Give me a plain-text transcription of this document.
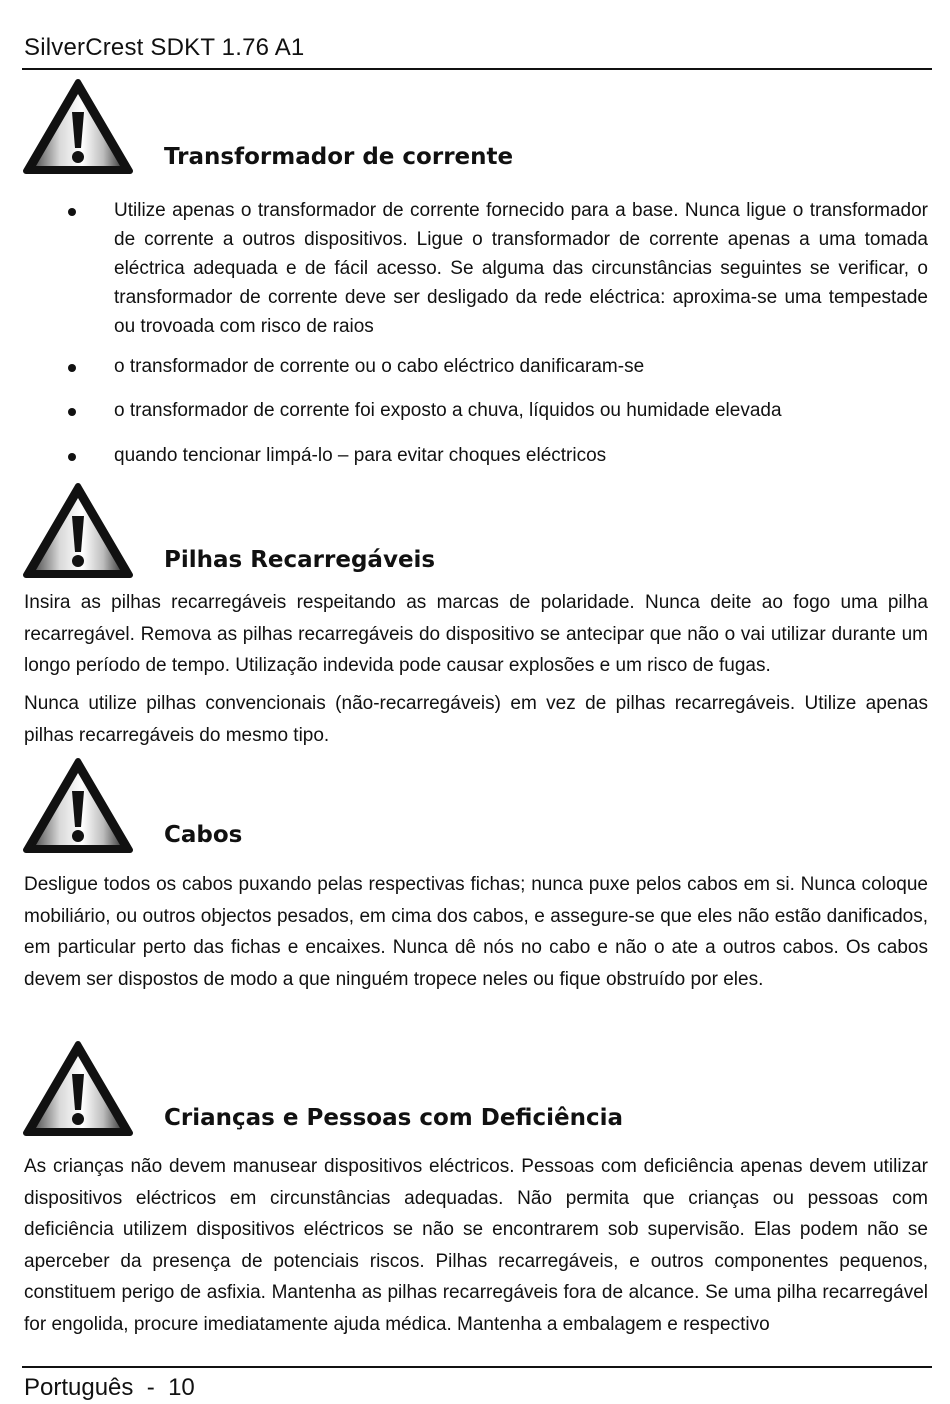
SilverCrest SDKT 1.76 A1
Transformador de corrente
Utilize apenas o transformador de corrente fornecido para a base. Nunca ligue o transformador de corrente a outros dispositivos. Ligue o transformador de corrente apenas a uma tomada eléctrica adequada e de fácil acesso. Se alguma das circunstâncias seguintes se verificar, o transformador de corrente deve ser desligado da rede eléctrica: aproxima-se uma tempestade ou trovoada com risco de raios
o transformador de corrente ou o cabo eléctrico danificaram-se
o transformador de corrente foi exposto a chuva, líquidos ou humidade elevada
quando tencionar limpá-lo – para evitar choques eléctricos
Pilhas Recarregáveis
Insira as pilhas recarregáveis respeitando as marcas de polaridade. Nunca deite ao fogo uma pilha recarregável. Remova as pilhas recarregáveis do dispositivo se antecipar que não o vai utilizar durante um longo período de tempo. Utilização indevida pode causar explosões e um risco de fugas.
Nunca utilize pilhas convencionais (não-recarregáveis) em vez de pilhas recarregáveis. Utilize apenas pilhas recarregáveis do mesmo tipo.
Cabos
Desligue todos os cabos puxando pelas respectivas fichas; nunca puxe pelos cabos em si. Nunca coloque mobiliário, ou outros objectos pesados, em cima dos cabos, e assegure-se que eles não estão danificados, em particular perto das fichas e encaixes. Nunca dê nós no cabo e não o ate a outros cabos. Os cabos devem ser dispostos de modo a que ninguém tropece neles ou fique obstruído por eles.
Crianças e Pessoas com Deficiência
As crianças não devem manusear dispositivos eléctricos. Pessoas com deficiência apenas devem utilizar dispositivos eléctricos em circunstâncias adequadas. Não permita que crianças ou pessoas com deficiência utilizem dispositivos eléctricos se não se encontrarem sob supervisão. Elas podem não se aperceber da presença de potenciais riscos. Pilhas recarregáveis, e outros componentes pequenos, constituem perigo de asfixia. Mantenha as pilhas recarregáveis fora de alcance. Se uma pilha recarregável for engolida, procure imediatamente ajuda médica. Mantenha a embalagem e respectivo
Português  -  10
